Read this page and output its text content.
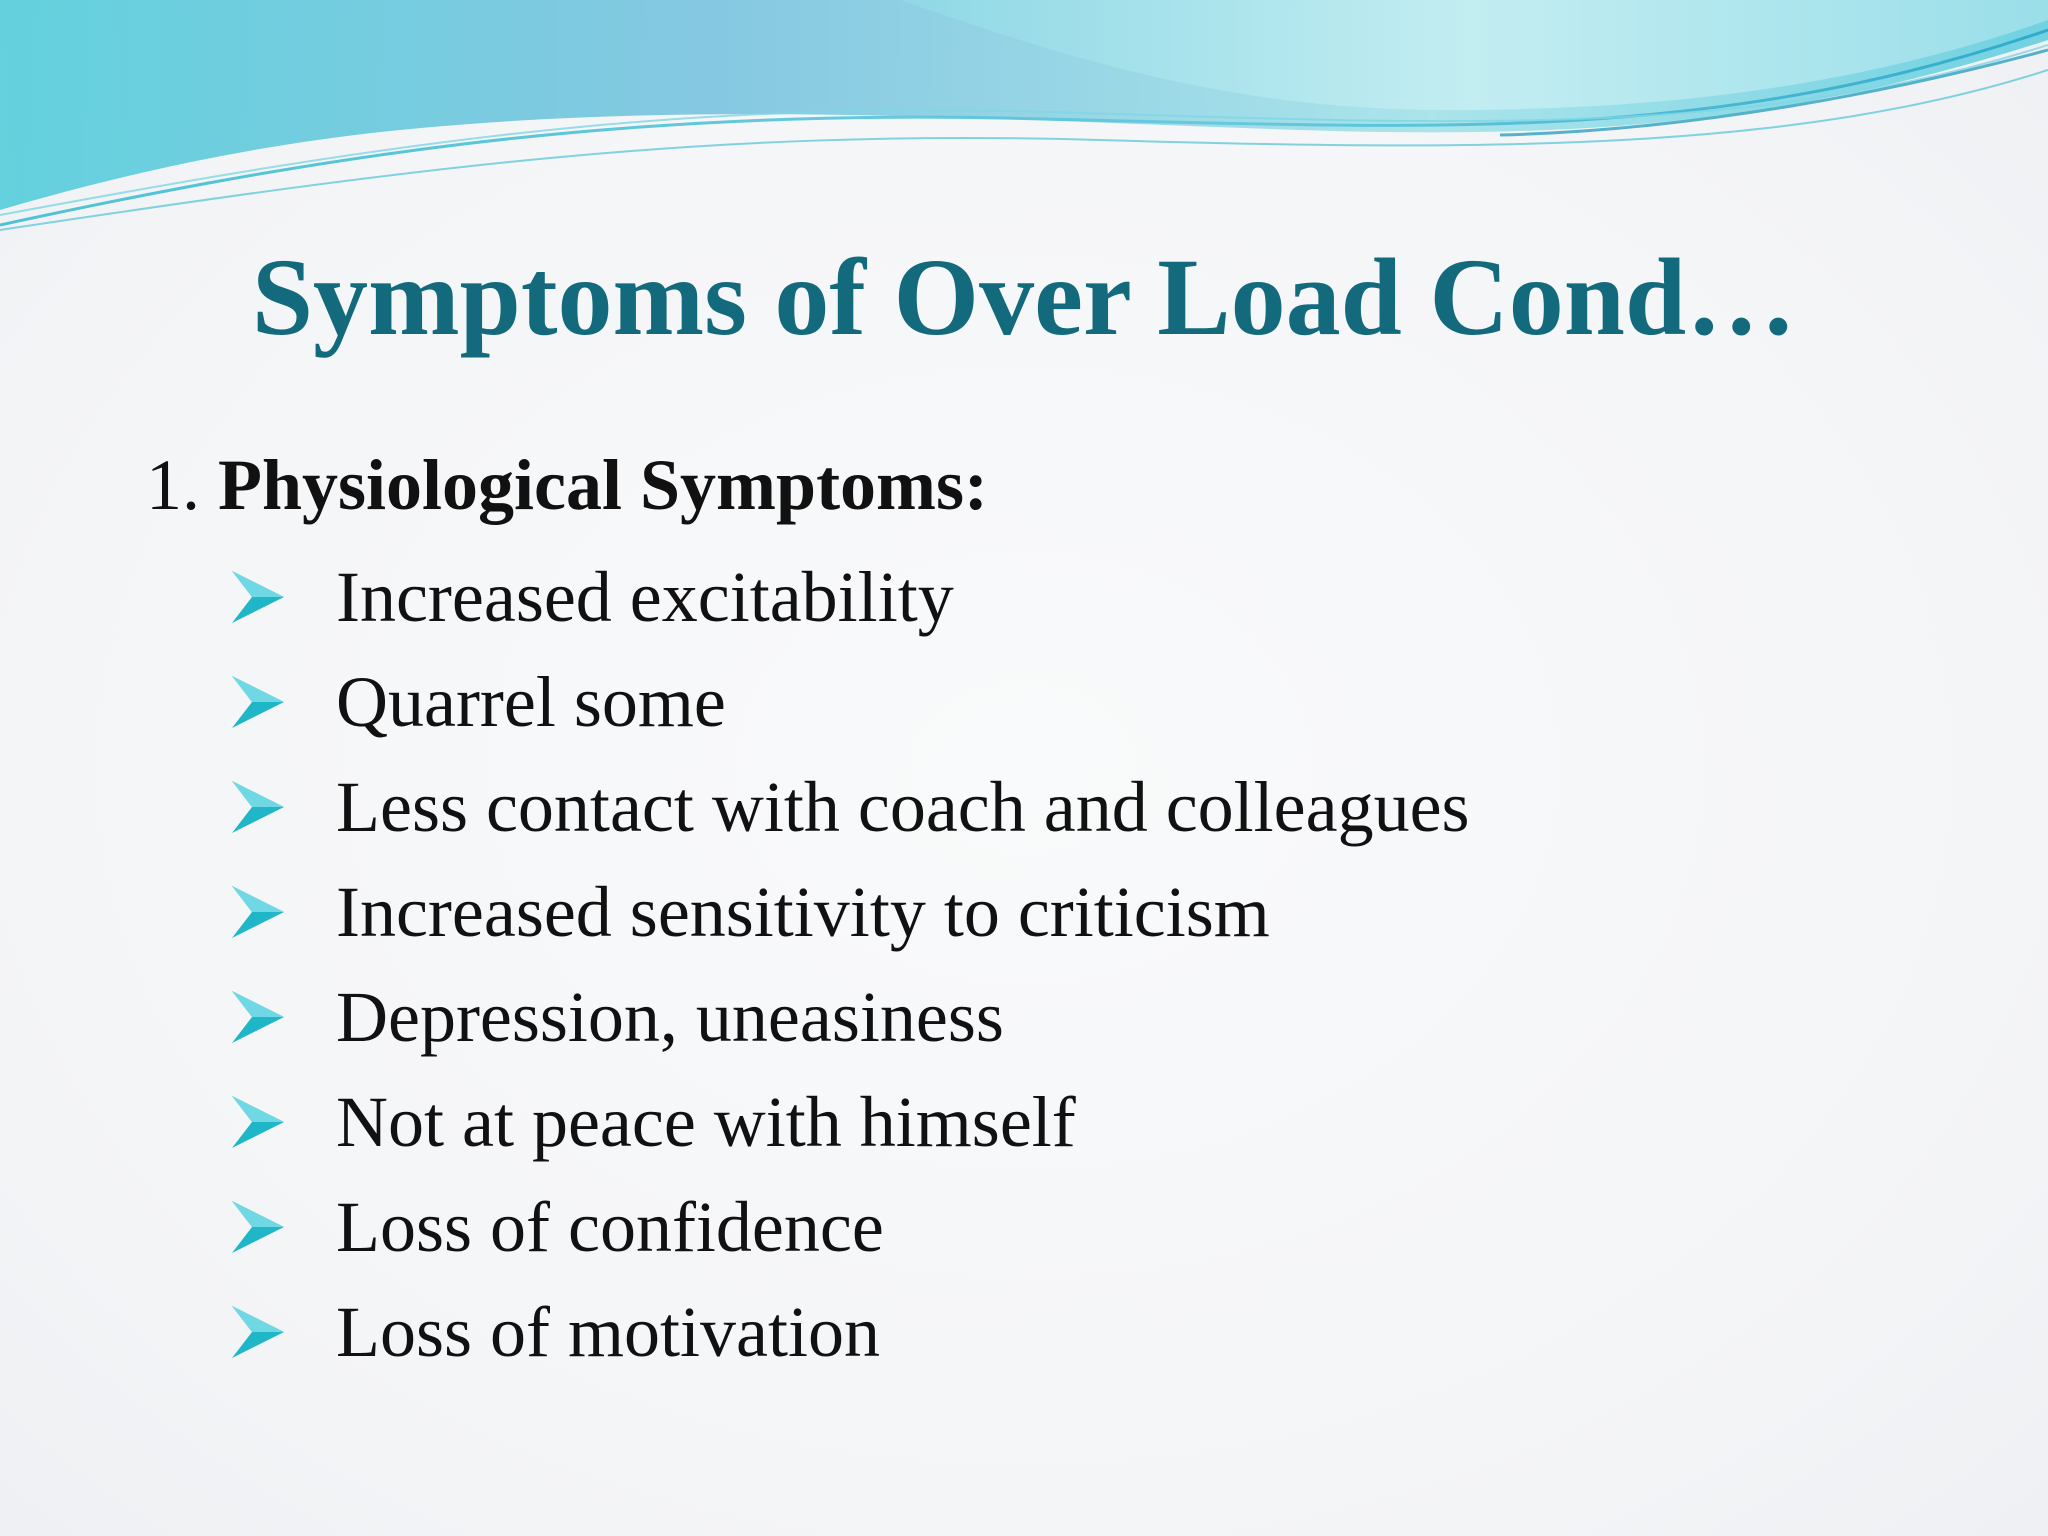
Symptoms of Over Load Cond…
1. Physiological Symptoms:
Increased excitability
Quarrel some
Less contact with coach and colleagues
Increased sensitivity to criticism
Depression, uneasiness
Not at peace with himself
Loss of confidence
Loss of motivation
